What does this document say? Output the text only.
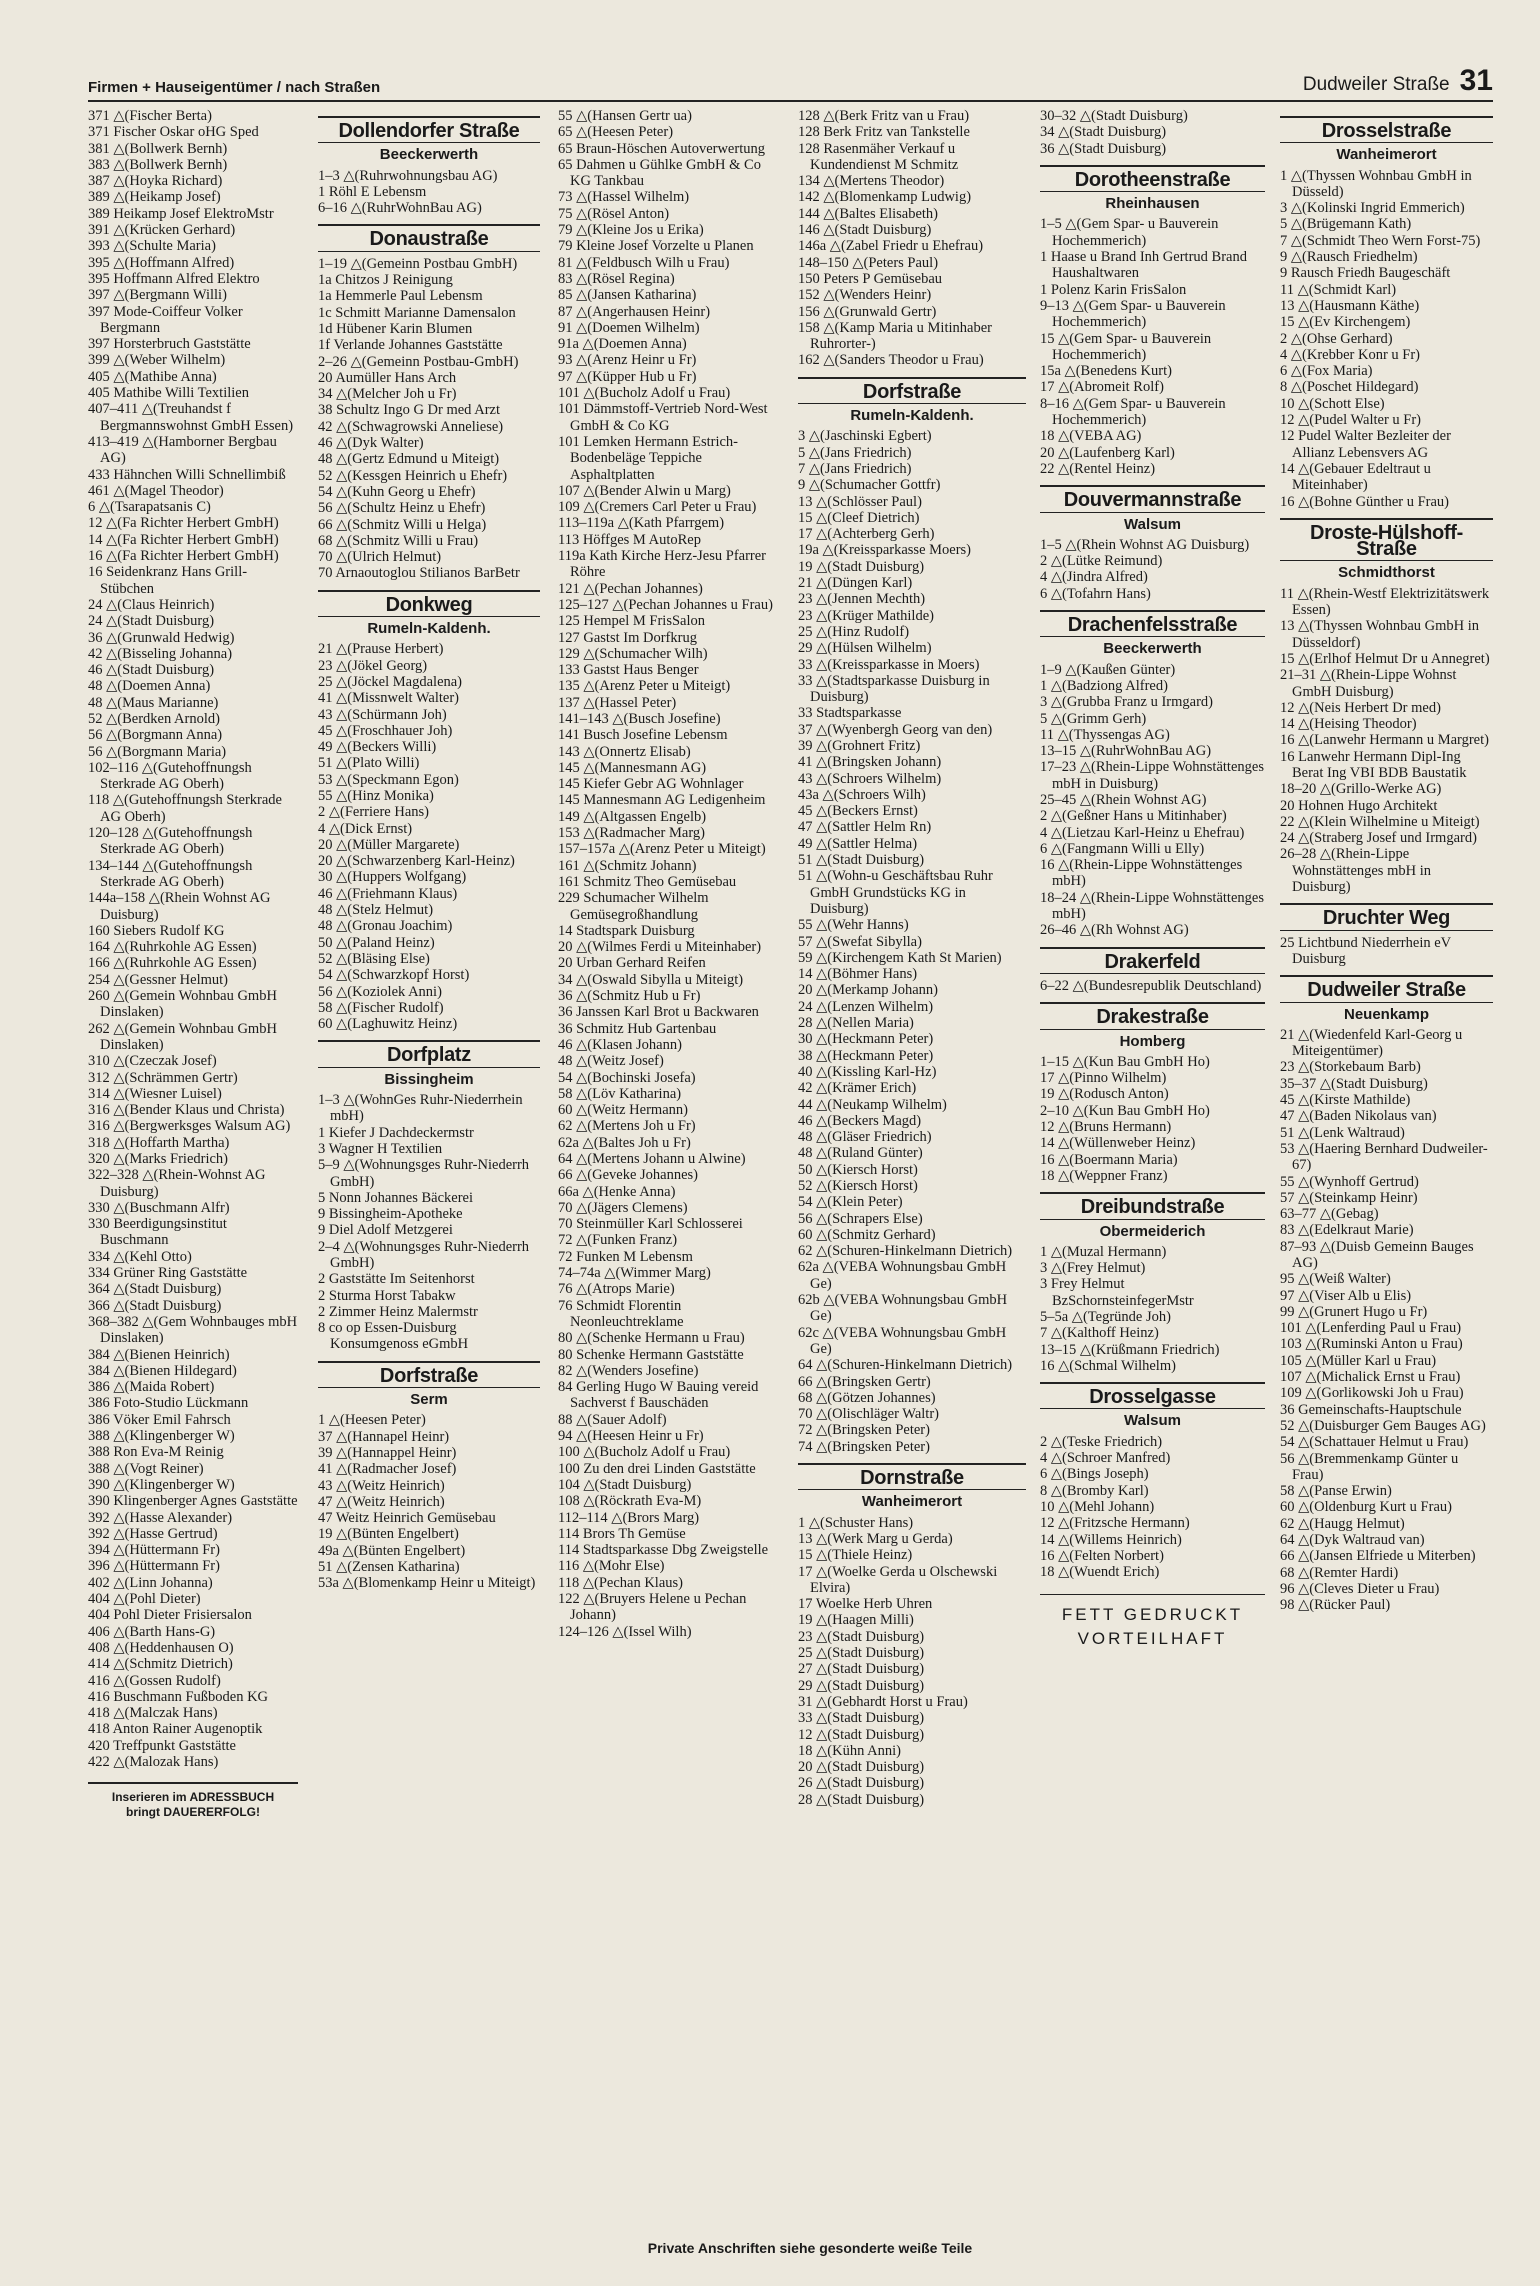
Firmen + Hauseigentümer / nach Straßen	Dudweiler Straße 31

371 △(Fischer Berta)

371 Fischer Oskar oHG Sped

381 △(Bollwerk Bernh)

383 △(Bollwerk Bernh)

387 △(Hoyka Richard)

389 △(Heikamp Josef)

389 Heikamp Josef ElektroMstr

391 △(Krücken Gerhard)

393 △(Schulte Maria)

395 △(Hoffmann Alfred)

395 Hoffmann Alfred Elektro

397 △(Bergmann Willi)

397 Mode-Coiffeur Volker Bergmann

397 Horsterbruch Gaststätte

399 △(Weber Wilhelm)

405 △(Mathibe Anna)

405 Mathibe Willi Textilien

407–411 △(Treuhandst f Bergmannswohnst GmbH Essen)

413–419 △(Hamborner Bergbau AG)

433 Hähnchen Willi Schnellimbiß

461 △(Magel Theodor)

6 △(Tsarapatsanis C)

12 △(Fa Richter Herbert GmbH)

14 △(Fa Richter Herbert GmbH)

16 △(Fa Richter Herbert GmbH)

16 Seidenkranz Hans Grill-Stübchen

24 △(Claus Heinrich)

24 △(Stadt Duisburg)

36 △(Grunwald Hedwig)

42 △(Bisseling Johanna)

46 △(Stadt Duisburg)

48 △(Doemen Anna)

48 △(Maus Marianne)

52 △(Berdken Arnold)

56 △(Borgmann Anna)

56 △(Borgmann Maria)

102–116 △(Gutehoffnungsh Sterkrade AG Oberh)

118 △(Gutehoffnungsh Sterkrade AG Oberh)

120–128 △(Gutehoffnungsh Sterkrade AG Oberh)

134–144 △(Gutehoffnungsh Sterkrade AG Oberh)

144a–158 △(Rhein Wohnst AG Duisburg)

160 Siebers Rudolf KG

164 △(Ruhrkohle AG Essen)

166 △(Ruhrkohle AG Essen)

254 △(Gessner Helmut)

260 △(Gemein Wohnbau GmbH Dinslaken)

262 △(Gemein Wohnbau GmbH Dinslaken)

310 △(Czeczak Josef)

312 △(Schrämmen Gertr)

314 △(Wiesner Luisel)

316 △(Bender Klaus und Christa)

316 △(Bergwerksges Walsum AG)

318 △(Hoffarth Martha)

320 △(Marks Friedrich)

322–328 △(Rhein-Wohnst AG Duisburg)

330 △(Buschmann Alfr)

330 Beerdigungsinstitut Buschmann

334 △(Kehl Otto)

334 Grüner Ring Gaststätte

364 △(Stadt Duisburg)

366 △(Stadt Duisburg)

368–382 △(Gem Wohnbauges mbH Dinslaken)

384 △(Bienen Heinrich)

384 △(Bienen Hildegard)

386 △(Maida Robert)

386 Foto-Studio Lückmann

386 Vöker Emil Fahrsch

388 △(Klingenberger W)

388 Ron Eva-M Reinig

388 △(Vogt Reiner)

390 △(Klingenberger W)

390 Klingenberger Agnes Gaststätte

392 △(Hasse Alexander)

392 △(Hasse Gertrud)

394 △(Hüttermann Fr)

396 △(Hüttermann Fr)

402 △(Linn Johanna)

404 △(Pohl Dieter)

404 Pohl Dieter Frisiersalon

406 △(Barth Hans-G)

408 △(Heddenhausen O)

414 △(Schmitz Dietrich)

416 △(Gossen Rudolf)

416 Buschmann Fußboden KG

418 △(Malczak Hans)

418 Anton Rainer Augenoptik

420 Treffpunkt Gaststätte

422 △(Malozak Hans)

Inserieren im ADRESSBUCH
bringt DAUERERFOLG!
Dollendorfer Straße
Beeckerwerth

1–3 △(Ruhrwohnungsbau AG)

1 Röhl E Lebensm

6–16 △(RuhrWohnBau AG)

Donaustraße

1–19 △(Gemeinn Postbau GmbH)

1a Chitzos J Reinigung

1a Hemmerle Paul Lebensm

1c Schmitt Marianne Damensalon

1d Hübener Karin Blumen

1f Verlande Johannes Gaststätte

2–26 △(Gemeinn Postbau-GmbH)

20 Aumüller Hans Arch

34 △(Melcher Joh u Fr)

38 Schultz Ingo G Dr med Arzt

42 △(Schwagrowski Anneliese)

46 △(Dyk Walter)

48 △(Gertz Edmund u Miteigt)

52 △(Kessgen Heinrich u Ehefr)

54 △(Kuhn Georg u Ehefr)

56 △(Schultz Heinz u Ehefr)

66 △(Schmitz Willi u Helga)

68 △(Schmitz Willi u Frau)

70 △(Ulrich Helmut)

70 Arnaoutoglou Stilianos BarBetr

Donkweg
Rumeln-Kaldenh.

21 △(Prause Herbert)

23 △(Jökel Georg)

25 △(Jöckel Magdalena)

41 △(Missnwelt Walter)

43 △(Schürmann Joh)

45 △(Froschhauer Joh)

49 △(Beckers Willi)

51 △(Plato Willi)

53 △(Speckmann Egon)

55 △(Hinz Monika)

2 △(Ferriere Hans)

4 △(Dick Ernst)

20 △(Müller Margarete)

20 △(Schwarzenberg Karl-Heinz)

30 △(Huppers Wolfgang)

46 △(Friehmann Klaus)

48 △(Stelz Helmut)

48 △(Gronau Joachim)

50 △(Paland Heinz)

52 △(Bläsing Else)

54 △(Schwarzkopf Horst)

56 △(Koziolek Anni)

58 △(Fischer Rudolf)

60 △(Laghuwitz Heinz)

Dorfplatz
Bissingheim

1–3 △(WohnGes Ruhr-Niederrhein mbH)

1 Kiefer J Dachdeckermstr

3 Wagner H Textilien

5–9 △(Wohnungsges Ruhr-Niederrh GmbH)

5 Nonn Johannes Bäckerei

9 Bissingheim-Apotheke

9 Diel Adolf Metzgerei

2–4 △(Wohnungsges Ruhr-Niederrh GmbH)

2 Gaststätte Im Seitenhorst

2 Sturma Horst Tabakw

2 Zimmer Heinz Malermstr

8 co op Essen-Duisburg Konsumgenoss eGmbH

Dorfstraße
Serm

1 △(Heesen Peter)

37 △(Hannapel Heinr)

39 △(Hannappel Heinr)

41 △(Radmacher Josef)

43 △(Weitz Heinrich)

47 △(Weitz Heinrich)

47 Weitz Heinrich Gemüsebau

19 △(Bünten Engelbert)

49a △(Bünten Engelbert)

51 △(Zensen Katharina)

53a △(Blomenkamp Heinr u Miteigt)

55 △(Hansen Gertr ua)

65 △(Heesen Peter)

65 Braun-Höschen Autoverwertung

65 Dahmen u Gühlke GmbH & Co KG Tankbau

73 △(Hassel Wilhelm)

75 △(Rösel Anton)

79 △(Kleine Jos u Erika)

79 Kleine Josef Vorzelte u Planen

81 △(Feldbusch Wilh u Frau)

83 △(Rösel Regina)

85 △(Jansen Katharina)

87 △(Angerhausen Heinr)

91 △(Doemen Wilhelm)

91a △(Doemen Anna)

93 △(Arenz Heinr u Fr)

97 △(Küpper Hub u Fr)

101 △(Bucholz Adolf u Frau)

101 Dämmstoff-Vertrieb Nord-West GmbH & Co KG

101 Lemken Hermann Estrich-Bodenbeläge Teppiche Asphaltplatten

107 △(Bender Alwin u Marg)

109 △(Cremers Carl Peter u Frau)

113–119a △(Kath Pfarrgem)

113 Höffges M AutoRep

119a Kath Kirche Herz-Jesu Pfarrer Röhre

121 △(Pechan Johannes)

125–127 △(Pechan Johannes u Frau)

125 Hempel M FrisSalon

127 Gastst Im Dorfkrug

129 △(Schumacher Wilh)

133 Gastst Haus Benger

135 △(Arenz Peter u Miteigt)

137 △(Hassel Peter)

141–143 △(Busch Josefine)

141 Busch Josefine Lebensm

143 △(Onnertz Elisab)

145 △(Mannesmann AG)

145 Kiefer Gebr AG Wohnlager

145 Mannesmann AG Ledigenheim

149 △(Altgassen Engelb)

153 △(Radmacher Marg)

157–157a △(Arenz Peter u Miteigt)

161 △(Schmitz Johann)

161 Schmitz Theo Gemüsebau

229 Schumacher Wilhelm Gemüsegroßhandlung

14 Stadtspark Duisburg

20 △(Wilmes Ferdi u Miteinhaber)

20 Urban Gerhard Reifen

34 △(Oswald Sibylla u Miteigt)

36 △(Schmitz Hub u Fr)

36 Janssen Karl Brot u Backwaren

36 Schmitz Hub Gartenbau

46 △(Klasen Johann)

48 △(Weitz Josef)

54 △(Bochinski Josefa)

58 △(Löv Katharina)

60 △(Weitz Hermann)

62 △(Mertens Joh u Fr)

62a △(Baltes Joh u Fr)

64 △(Mertens Johann u Alwine)

66 △(Geveke Johannes)

66a △(Henke Anna)

70 △(Jägers Clemens)

70 Steinmüller Karl Schlosserei

72 △(Funken Franz)

72 Funken M Lebensm

74–74a △(Wimmer Marg)

76 △(Atrops Marie)

76 Schmidt Florentin Neonleuchtreklame

80 △(Schenke Hermann u Frau)

80 Schenke Hermann Gaststätte

82 △(Wenders Josefine)

84 Gerling Hugo W Bauing vereid Sachverst f Bauschäden

88 △(Sauer Adolf)

94 △(Heesen Heinr u Fr)

100 △(Bucholz Adolf u Frau)

100 Zu den drei Linden Gaststätte

104 △(Stadt Duisburg)

108 △(Röckrath Eva-M)

112–114 △(Brors Marg)

114 Brors Th Gemüse

114 Stadtsparkasse Dbg Zweigstelle

116 △(Mohr Else)

118 △(Pechan Klaus)

122 △(Bruyers Helene u Pechan Johann)

124–126 △(Issel Wilh)

128 △(Berk Fritz van u Frau)

128 Berk Fritz van Tankstelle

128 Rasenmäher Verkauf u Kundendienst M Schmitz

134 △(Mertens Theodor)

142 △(Blomenkamp Ludwig)

144 △(Baltes Elisabeth)

146 △(Stadt Duisburg)

146a △(Zabel Friedr u Ehefrau)

148–150 △(Peters Paul)

150 Peters P Gemüsebau

152 △(Wenders Heinr)

156 △(Grunwald Gertr)

158 △(Kamp Maria u Mitinhaber Ruhrorter-)

162 △(Sanders Theodor u Frau)

Dorfstraße
Rumeln-Kaldenh.

3 △(Jaschinski Egbert)

5 △(Jans Friedrich)

7 △(Jans Friedrich)

9 △(Schumacher Gottfr)

13 △(Schlösser Paul)

15 △(Cleef Dietrich)

17 △(Achterberg Gerh)

19a △(Kreissparkasse Moers)

19 △(Stadt Duisburg)

21 △(Düngen Karl)

23 △(Jennen Mechth)

23 △(Krüger Mathilde)

25 △(Hinz Rudolf)

29 △(Hülsen Wilhelm)

33 △(Kreissparkasse in Moers)

33 △(Stadtsparkasse Duisburg in Duisburg)

33 Stadtsparkasse

37 △(Wyenbergh Georg van den)

39 △(Grohnert Fritz)

41 △(Bringsken Johann)

43 △(Schroers Wilhelm)

43a △(Schroers Wilh)

45 △(Beckers Ernst)

47 △(Sattler Helm Rn)

49 △(Sattler Helma)

51 △(Stadt Duisburg)

51 △(Wohn-u Geschäftsbau Ruhr GmbH Grundstücks KG in Duisburg)

55 △(Wehr Hanns)

57 △(Swefat Sibylla)

59 △(Kirchengem Kath St Marien)

14 △(Böhmer Hans)

20 △(Merkamp Johann)

24 △(Lenzen Wilhelm)

28 △(Nellen Maria)

30 △(Heckmann Peter)

38 △(Heckmann Peter)

40 △(Kissling Karl-Hz)

42 △(Krämer Erich)

44 △(Neukamp Wilhelm)

46 △(Beckers Magd)

48 △(Gläser Friedrich)

48 △(Ruland Günter)

50 △(Kiersch Horst)

52 △(Kiersch Horst)

54 △(Klein Peter)

56 △(Schrapers Else)

60 △(Schmitz Gerhard)

62 △(Schuren-Hinkelmann Dietrich)

62a △(VEBA Wohnungsbau GmbH Ge)

62b △(VEBA Wohnungsbau GmbH Ge)

62c △(VEBA Wohnungsbau GmbH Ge)

64 △(Schuren-Hinkelmann Dietrich)

66 △(Bringsken Gertr)

68 △(Götzen Johannes)

70 △(Olischläger Waltr)

72 △(Bringsken Peter)

74 △(Bringsken Peter)

Dornstraße
Wanheimerort

1 △(Schuster Hans)

13 △(Werk Marg u Gerda)

15 △(Thiele Heinz)

17 △(Woelke Gerda u Olschewski Elvira)

17 Woelke Herb Uhren

19 △(Haagen Milli)

23 △(Stadt Duisburg)

25 △(Stadt Duisburg)

27 △(Stadt Duisburg)

29 △(Stadt Duisburg)

31 △(Gebhardt Horst u Frau)

33 △(Stadt Duisburg)

12 △(Stadt Duisburg)

18 △(Kühn Anni)

20 △(Stadt Duisburg)

26 △(Stadt Duisburg)

28 △(Stadt Duisburg)

30–32 △(Stadt Duisburg)

34 △(Stadt Duisburg)

36 △(Stadt Duisburg)

Dorotheenstraße
Rheinhausen

1–5 △(Gem Spar- u Bauverein Hochemmerich)

1 Haase u Brand Inh Gertrud Brand Haushaltwaren

1 Polenz Karin FrisSalon

9–13 △(Gem Spar- u Bauverein Hochemmerich)

15 △(Gem Spar- u Bauverein Hochemmerich)

15a △(Benedens Kurt)

17 △(Abromeit Rolf)

8–16 △(Gem Spar- u Bauverein Hochemmerich)

18 △(VEBA AG)

20 △(Laufenberg Karl)

22 △(Rentel Heinz)

Douvermannstraße
Walsum

1–5 △(Rhein Wohnst AG Duisburg)

2 △(Lütke Reimund)

4 △(Jindra Alfred)

6 △(Tofahrn Hans)

Drachenfelsstraße
Beeckerwerth

1–9 △(Kaußen Günter)

1 △(Badziong Alfred)

3 △(Grubba Franz u Irmgard)

5 △(Grimm Gerh)

11 △(Thyssengas AG)

13–15 △(RuhrWohnBau AG)

17–23 △(Rhein-Lippe Wohnstättenges mbH in Duisburg)

25–45 △(Rhein Wohnst AG)

2 △(Geßner Hans u Mitinhaber)

4 △(Lietzau Karl-Heinz u Ehefrau)

6 △(Fangmann Willi u Elly)

16 △(Rhein-Lippe Wohnstättenges mbH)

18–24 △(Rhein-Lippe Wohnstättenges mbH)

26–46 △(Rh Wohnst AG)

Drakerfeld

6–22 △(Bundesrepublik Deutschland)

Drakestraße
Homberg

1–15 △(Kun Bau GmbH Ho)

17 △(Pinno Wilhelm)

19 △(Rodusch Anton)

2–10 △(Kun Bau GmbH Ho)

12 △(Bruns Hermann)

14 △(Wüllenweber Heinz)

16 △(Boermann Maria)

18 △(Weppner Franz)

Dreibundstraße
Obermeiderich

1 △(Muzal Hermann)

3 △(Frey Helmut)

3 Frey Helmut BzSchornsteinfegerMstr

5–5a △(Tegründe Joh)

7 △(Kalthoff Heinz)

13–15 △(Krüßmann Friedrich)

16 △(Schmal Wilhelm)

Drosselgasse
Walsum

2 △(Teske Friedrich)

4 △(Schroer Manfred)

6 △(Bings Joseph)

8 △(Bromby Karl)

10 △(Mehl Johann)

12 △(Fritzsche Hermann)

14 △(Willems Heinrich)

16 △(Felten Norbert)

18 △(Wuendt Erich)

FETT GEDRUCKT
VORTEILHAFT
Drosselstraße
Wanheimerort

1 △(Thyssen Wohnbau GmbH in Düsseld)

3 △(Kolinski Ingrid Emmerich)

5 △(Brügemann Kath)

7 △(Schmidt Theo Wern Forst-75)

9 △(Rausch Friedhelm)

9 Rausch Friedh Baugeschäft

11 △(Schmidt Karl)

13 △(Hausmann Käthe)

15 △(Ev Kirchengem)

2 △(Ohse Gerhard)

4 △(Krebber Konr u Fr)

6 △(Fox Maria)

8 △(Poschet Hildegard)

10 △(Schott Else)

12 △(Pudel Walter u Fr)

12 Pudel Walter Bezleiter der Allianz Lebensvers AG

14 △(Gebauer Edeltraut u Miteinhaber)

16 △(Bohne Günther u Frau)

Droste-Hülshoff-Straße
Schmidthorst

11 △(Rhein-Westf Elektrizitätswerk Essen)

13 △(Thyssen Wohnbau GmbH in Düsseldorf)

15 △(Erlhof Helmut Dr u Annegret)

21–31 △(Rhein-Lippe Wohnst GmbH Duisburg)

12 △(Neis Herbert Dr med)

14 △(Heising Theodor)

16 △(Lanwehr Hermann u Margret)

16 Lanwehr Hermann Dipl-Ing Berat Ing VBI BDB Baustatik

18–20 △(Grillo-Werke AG)

20 Hohnen Hugo Architekt

22 △(Klein Wilhelmine u Miteigt)

24 △(Straberg Josef und Irmgard)

26–28 △(Rhein-Lippe Wohnstättenges mbH in Duisburg)

Druchter Weg

25 Lichtbund Niederrhein eV Duisburg

Dudweiler Straße
Neuenkamp

21 △(Wiedenfeld Karl-Georg u Miteigentümer)

23 △(Storkebaum Barb)

35–37 △(Stadt Duisburg)

45 △(Kirste Mathilde)

47 △(Baden Nikolaus van)

51 △(Lenk Waltraud)

53 △(Haering Bernhard Dudweiler-67)

55 △(Wynhoff Gertrud)

57 △(Steinkamp Heinr)

63–77 △(Gebag)

83 △(Edelkraut Marie)

87–93 △(Duisb Gemeinn Bauges AG)

95 △(Weiß Walter)

97 △(Viser Alb u Elis)

99 △(Grunert Hugo u Fr)

101 △(Lenferding Paul u Frau)

103 △(Ruminski Anton u Frau)

105 △(Müller Karl u Frau)

107 △(Michalick Ernst u Frau)

109 △(Gorlikowski Joh u Frau)

36 Gemeinschafts-Hauptschule

52 △(Duisburger Gem Bauges AG)

54 △(Schattauer Helmut u Frau)

56 △(Bremmenkamp Günter u Frau)

58 △(Panse Erwin)

60 △(Oldenburg Kurt u Frau)

62 △(Haugg Helmut)

64 △(Dyk Waltraud van)

66 △(Jansen Elfriede u Miterben)

68 △(Remter Hardi)

96 △(Cleves Dieter u Frau)

98 △(Rücker Paul)

Private Anschriften siehe gesonderte weiße Teile
